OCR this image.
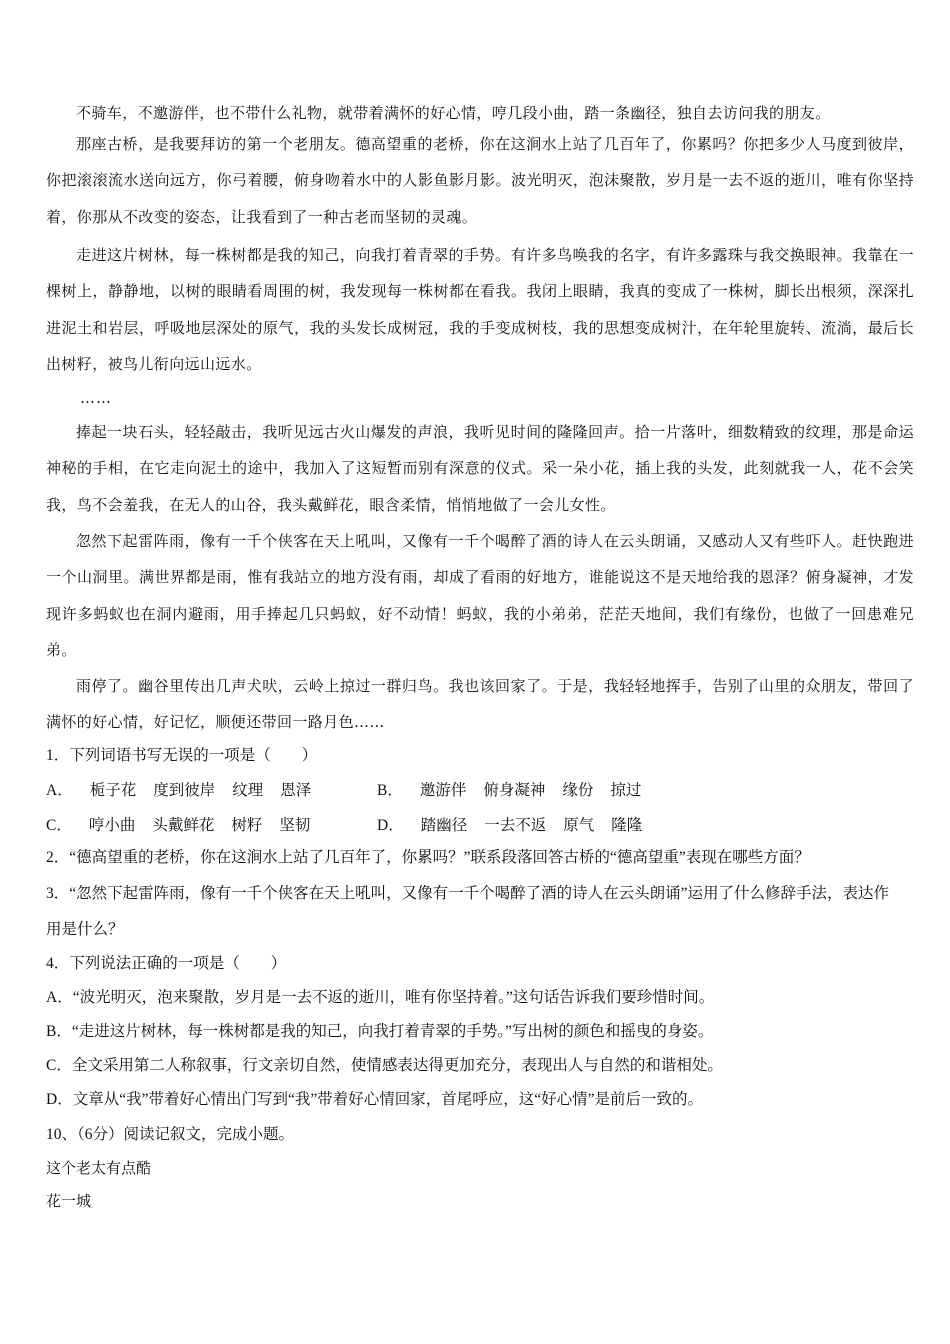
不骑车，不邀游伴，也不带什么礼物，就带着满怀的好心情，哼几段小曲，踏一条幽径，独自去访问我的朋友。

那座古桥，是我要拜访的第一个老朋友。德高望重的老桥，你在这涧水上站了几百年了，你累吗？你把多少人马度到彼岸，你把滚滚流水送向远方，你弓着腰，俯身吻着水中的人影鱼影月影。波光明灭，泡沫聚散，岁月是一去不返的逝川，唯有你坚持着，你那从不改变的姿态，让我看到了一种古老而坚韧的灵魂。

走进这片树林，每一株树都是我的知己，向我打着青翠的手势。有许多鸟唤我的名字，有许多露珠与我交换眼神。我靠在一棵树上，静静地，以树的眼睛看周围的树，我发现每一株树都在看我。我闭上眼睛，我真的变成了一株树，脚长出根须，深深扎进泥土和岩层，呼吸地层深处的原气，我的头发长成树冠，我的手变成树枝，我的思想变成树汁，在年轮里旋转、流淌，最后长出树籽，被鸟儿衔向远山远水。

……

捧起一块石头，轻轻敲击，我听见远古火山爆发的声浪，我听见时间的隆隆回声。拾一片落叶，细数精致的纹理，那是命运神秘的手相，在它走向泥土的途中，我加入了这短暂而别有深意的仪式。采一朵小花，插上我的头发，此刻就我一人，花不会笑我，鸟不会羞我，在无人的山谷，我头戴鲜花，眼含柔情，悄悄地做了一会儿女性。

忽然下起雷阵雨，像有一千个侠客在天上吼叫，又像有一千个喝醉了酒的诗人在云头朗诵，又感动人又有些吓人。赶快跑进一个山洞里。满世界都是雨，惟有我站立的地方没有雨，却成了看雨的好地方，谁能说这不是天地给我的恩泽？俯身凝神，才发现许多蚂蚁也在洞内避雨，用手捧起几只蚂蚁，好不动情！蚂蚁，我的小弟弟，茫茫天地间，我们有缘份，也做了一回患难兄弟。

雨停了。幽谷里传出几声犬吠，云岭上掠过一群归鸟。我也该回家了。于是，我轻轻地挥手，告别了山里的众朋友，带回了满怀的好心情，好记忆，顺便还带回一路月色……

1．下列词语书写无误的一项是（　　）

A． 栀子花 度到彼岸 纹理 恩泽	B． 邀游伴 俯身凝神 缘份 掠过
C． 哼小曲 头戴鲜花 树籽 坚韧	D． 踏幽径 一去不返 原气 隆隆

2．“德高望重的老桥，你在这涧水上站了几百年了，你累吗？”联系段落回答古桥的“德高望重”表现在哪些方面？

3．“忽然下起雷阵雨，像有一千个侠客在天上吼叫，又像有一千个喝醉了酒的诗人在云头朗诵”运用了什么修辞手法，表达作用是什么？

4．下列说法正确的一项是（　　）

A．“波光明灭，泡来聚散，岁月是一去不返的逝川，唯有你坚持着。”这句话告诉我们要珍惜时间。

B．“走进这片树林，每一株树都是我的知己，向我打着青翠的手势。”写出树的颜色和摇曳的身姿。

C．全文采用第二人称叙事，行文亲切自然，使情感表达得更加充分，表现出人与自然的和谐相处。

D．文章从“我”带着好心情出门写到“我”带着好心情回家，首尾呼应，这“好心情”是前后一致的。

10、（6分）阅读记叙文，完成小题。

这个老太有点酷

花一城
